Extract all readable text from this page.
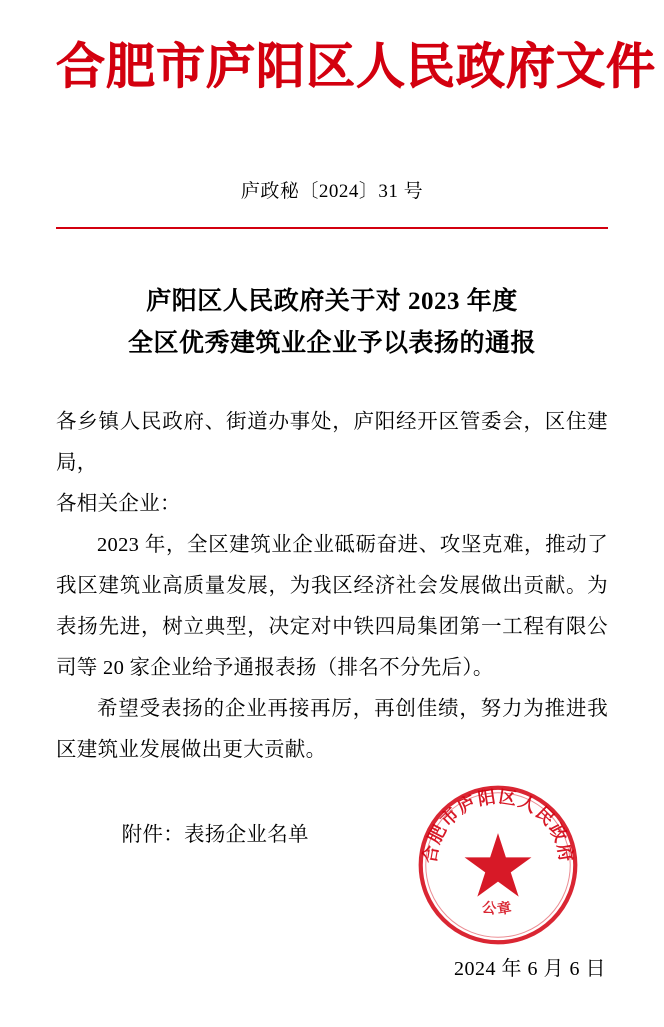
合肥市庐阳区人民政府文件
庐政秘〔2024〕31 号
庐阳区人民政府关于对 2023 年度
全区优秀建筑业企业予以表扬的通报

各乡镇人民政府、街道办事处，庐阳经开区管委会，区住建局，

各相关企业：

2023 年，全区建筑业企业砥砺奋进、攻坚克难，推动了我区建筑业高质量发展，为我区经济社会发展做出贡献。为表扬先进，树立典型，决定对中铁四局集团第一工程有限公司等 20 家企业给予通报表扬（排名不分先后）。

希望受表扬的企业再接再厉，再创佳绩，努力为推进我区建筑业发展做出更大贡献。

附件：表扬企业名单
合肥市庐阳区人民政府
公章
2024 年 6 月 6 日
